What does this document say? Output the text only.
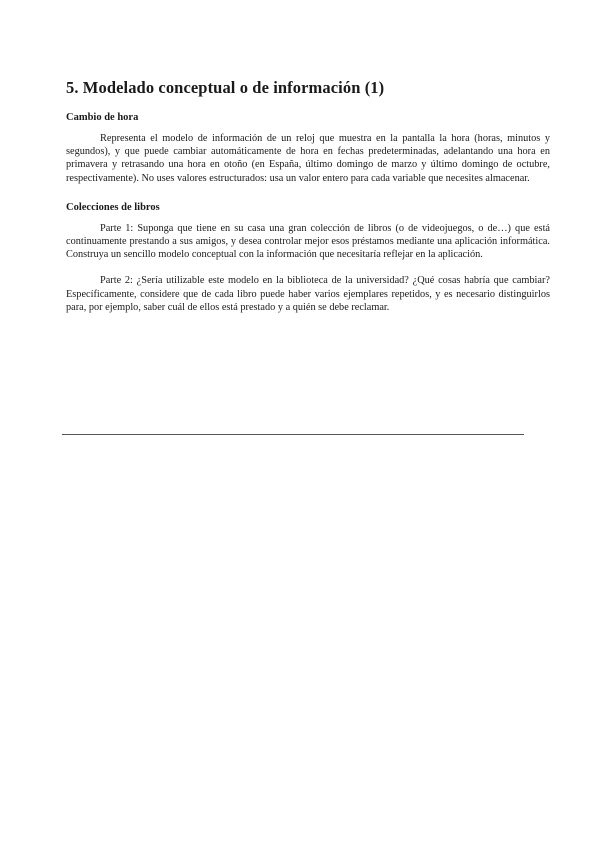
5. Modelado conceptual o de información (1)
Cambio de hora

Representa el modelo de información de un reloj que muestra en la pantalla la hora (horas, minutos y segundos), y que puede cambiar automáticamente de hora en fechas predeterminadas, adelantando una hora en primavera y retrasando una hora en otoño (en España, último domingo de marzo y último domingo de octubre, respectivamente). No uses valores estructurados: usa un valor entero para cada variable que necesites almacenar.

Colecciones de libros

Parte 1: Suponga que tiene en su casa una gran colección de libros (o de videojuegos, o de…) que está continuamente prestando a sus amigos, y desea controlar mejor esos préstamos mediante una aplicación informática. Construya un sencillo modelo conceptual con la información que necesitaría reflejar en la aplicación.

Parte 2: ¿Sería utilizable este modelo en la biblioteca de la universidad? ¿Qué cosas habría que cambiar? Específicamente, considere que de cada libro puede haber varios ejemplares repetidos, y es necesario distinguirlos para, por ejemplo, saber cuál de ellos está prestado y a quién se debe reclamar.
